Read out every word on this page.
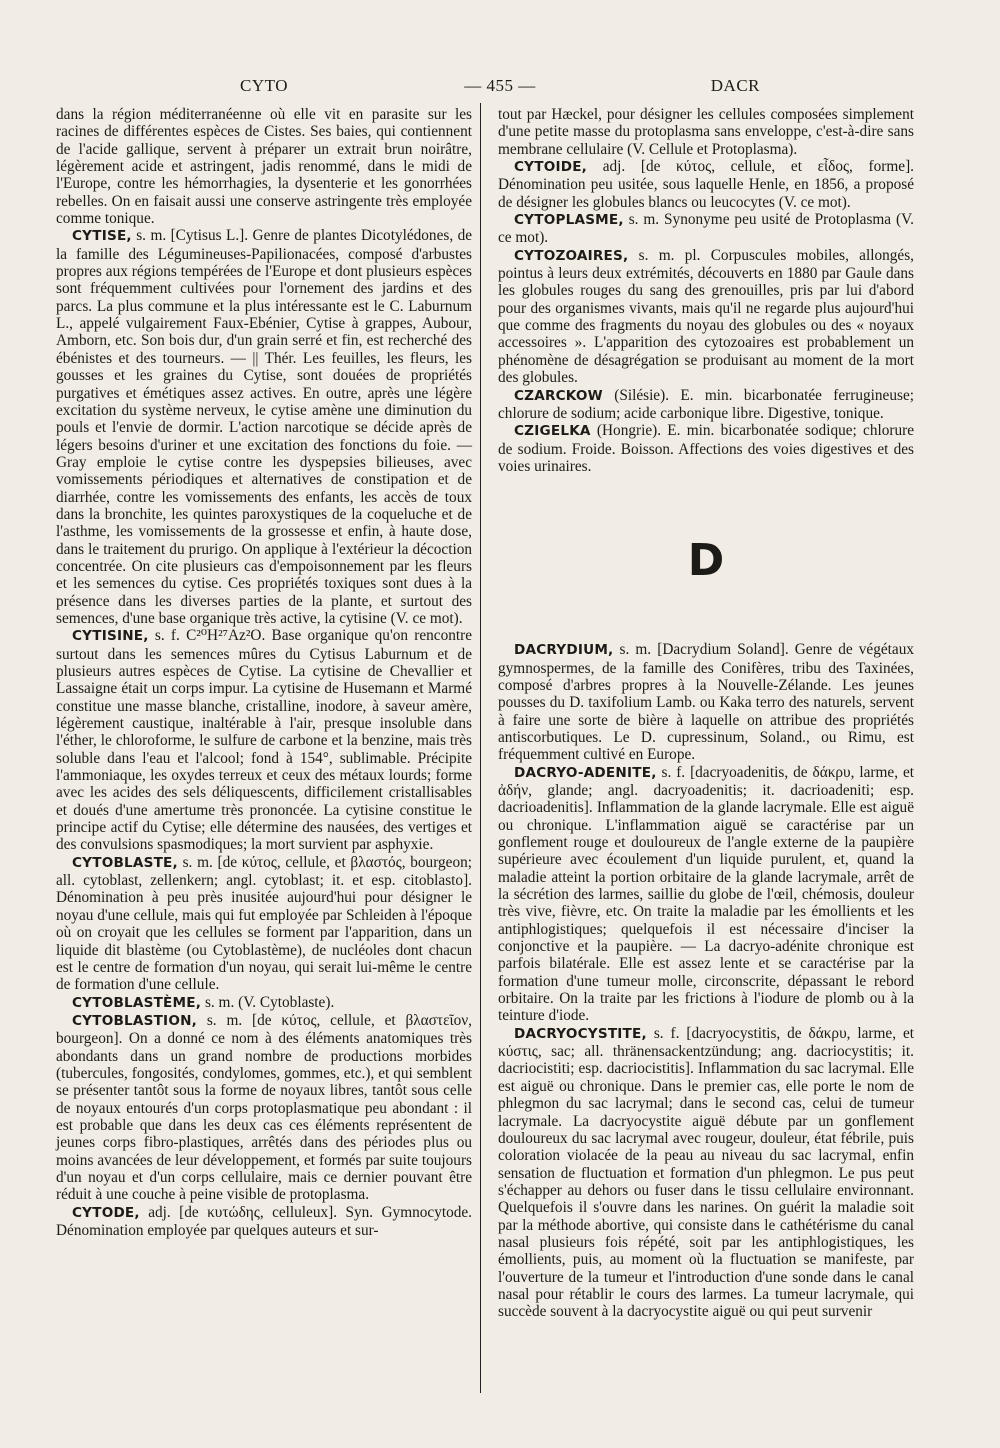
CYTO	— 455 —	DACR

dans la région méditerranéenne où elle vit en parasite sur les racines de différentes espèces de Cistes. Ses baies, qui contiennent de l'acide gallique, servent à préparer un extrait brun noirâtre, légèrement acide et astringent, jadis renommé, dans le midi de l'Europe, contre les hémorrhagies, la dysenterie et les gonorrhées rebelles. On en faisait aussi une conserve astringente très employée comme tonique.

CYTISE, s. m. [Cytisus L.]. Genre de plantes Dicotylédones, de la famille des Légumineuses-Papilionacées, composé d'arbustes propres aux régions tempérées de l'Europe et dont plusieurs espèces sont fréquemment cultivées pour l'ornement des jardins et des parcs. La plus commune et la plus intéressante est le C. Laburnum L., appelé vulgairement Faux-Ebénier, Cytise à grappes, Aubour, Amborn, etc. Son bois dur, d'un grain serré et fin, est recherché des ébénistes et des tourneurs. — || Thér. Les feuilles, les fleurs, les gousses et les graines du Cytise, sont douées de propriétés purgatives et émétiques assez actives. En outre, après une légère excitation du système nerveux, le cytise amène une diminution du pouls et l'envie de dormir. L'action narcotique se décide après de légers besoins d'uriner et une excitation des fonctions du foie. — Gray emploie le cytise contre les dyspepsies bilieuses, avec vomissements périodiques et alternatives de constipation et de diarrhée, contre les vomissements des enfants, les accès de toux dans la bronchite, les quintes paroxystiques de la coqueluche et de l'asthme, les vomissements de la grossesse et enfin, à haute dose, dans le traitement du prurigo. On applique à l'extérieur la décoction concentrée. On cite plusieurs cas d'empoisonnement par les fleurs et les semences du cytise. Ces propriétés toxiques sont dues à la présence dans les diverses parties de la plante, et surtout des semences, d'une base organique très active, la cytisine (V. ce mot).

CYTISINE, s. f. C²⁰H²⁷Az²O. Base organique qu'on rencontre surtout dans les semences mûres du Cytisus Laburnum et de plusieurs autres espèces de Cytise. La cytisine de Chevallier et Lassaigne était un corps impur. La cytisine de Husemann et Marmé constitue une masse blanche, cristalline, inodore, à saveur amère, légèrement caustique, inaltérable à l'air, presque insoluble dans l'éther, le chloroforme, le sulfure de carbone et la benzine, mais très soluble dans l'eau et l'alcool; fond à 154°, sublimable. Précipite l'ammoniaque, les oxydes terreux et ceux des métaux lourds; forme avec les acides des sels déliquescents, difficilement cristallisables et doués d'une amertume très prononcée. La cytisine constitue le principe actif du Cytise; elle détermine des nausées, des vertiges et des convulsions spasmodiques; la mort survient par asphyxie.

CYTOBLASTE, s. m. [de κύτος, cellule, et βλαστός, bourgeon; all. cytoblast, zellenkern; angl. cytoblast; it. et esp. citoblasto]. Dénomination à peu près inusitée aujourd'hui pour désigner le noyau d'une cellule, mais qui fut employée par Schleiden à l'époque où on croyait que les cellules se forment par l'apparition, dans un liquide dit blastème (ou Cytoblastème), de nucléoles dont chacun est le centre de formation d'un noyau, qui serait lui-même le centre de formation d'une cellule.

CYTOBLASTÈME, s. m. (V. Cytoblaste).

CYTOBLASTION, s. m. [de κύτος, cellule, et βλαστεῖον, bourgeon]. On a donné ce nom à des éléments anatomiques très abondants dans un grand nombre de productions morbides (tubercules, fongosités, condylomes, gommes, etc.), et qui semblent se présenter tantôt sous la forme de noyaux libres, tantôt sous celle de noyaux entourés d'un corps protoplasmatique peu abondant : il est probable que dans les deux cas ces éléments représentent de jeunes corps fibro-plastiques, arrêtés dans des périodes plus ou moins avancées de leur développement, et formés par suite toujours d'un noyau et d'un corps cellulaire, mais ce dernier pouvant être réduit à une couche à peine visible de protoplasma.

CYTODE, adj. [de κυτώδης, celluleux]. Syn. Gymnocytode. Dénomination employée par quelques auteurs et sur-

tout par Hæckel, pour désigner les cellules composées simplement d'une petite masse du protoplasma sans enveloppe, c'est-à-dire sans membrane cellulaire (V. Cellule et Protoplasma).

CYTOIDE, adj. [de κύτος, cellule, et εἶδος, forme]. Dénomination peu usitée, sous laquelle Henle, en 1856, a proposé de désigner les globules blancs ou leucocytes (V. ce mot).

CYTOPLASME, s. m. Synonyme peu usité de Protoplasma (V. ce mot).

CYTOZOAIRES, s. m. pl. Corpuscules mobiles, allongés, pointus à leurs deux extrémités, découverts en 1880 par Gaule dans les globules rouges du sang des grenouilles, pris par lui d'abord pour des organismes vivants, mais qu'il ne regarde plus aujourd'hui que comme des fragments du noyau des globules ou des « noyaux accessoires ». L'apparition des cytozoaires est probablement un phénomène de désagrégation se produisant au moment de la mort des globules.

CZARCKOW (Silésie). E. min. bicarbonatée ferrugineuse; chlorure de sodium; acide carbonique libre. Digestive, tonique.

CZIGELKA (Hongrie). E. min. bicarbonatée sodique; chlorure de sodium. Froide. Boisson. Affections des voies digestives et des voies urinaires.

D

DACRYDIUM, s. m. [Dacrydium Soland]. Genre de végétaux gymnospermes, de la famille des Conifères, tribu des Taxinées, composé d'arbres propres à la Nouvelle-Zélande. Les jeunes pousses du D. taxifolium Lamb. ou Kaka terro des naturels, servent à faire une sorte de bière à laquelle on attribue des propriétés antiscorbutiques. Le D. cupressinum, Soland., ou Rimu, est fréquemment cultivé en Europe.

DACRYO-ADENITE, s. f. [dacryoadenitis, de δάκρυ, larme, et ἀδήν, glande; angl. dacryoadenitis; it. dacrioadeniti; esp. dacrioadenitis]. Inflammation de la glande lacrymale. Elle est aiguë ou chronique. L'inflammation aiguë se caractérise par un gonflement rouge et douloureux de l'angle externe de la paupière supérieure avec écoulement d'un liquide purulent, et, quand la maladie atteint la portion orbitaire de la glande lacrymale, arrêt de la sécrétion des larmes, saillie du globe de l'œil, chémosis, douleur très vive, fièvre, etc. On traite la maladie par les émollients et les antiphlogistiques; quelquefois il est nécessaire d'inciser la conjonctive et la paupière. — La dacryo-adénite chronique est parfois bilatérale. Elle est assez lente et se caractérise par la formation d'une tumeur molle, circonscrite, dépassant le rebord orbitaire. On la traite par les frictions à l'iodure de plomb ou à la teinture d'iode.

DACRYOCYSTITE, s. f. [dacryocystitis, de δάκρυ, larme, et κύστις, sac; all. thränensackentzündung; ang. dacriocystitis; it. dacriocistiti; esp. dacriocistitis]. Inflammation du sac lacrymal. Elle est aiguë ou chronique. Dans le premier cas, elle porte le nom de phlegmon du sac lacrymal; dans le second cas, celui de tumeur lacrymale. La dacryocystite aiguë débute par un gonflement douloureux du sac lacrymal avec rougeur, douleur, état fébrile, puis coloration violacée de la peau au niveau du sac lacrymal, enfin sensation de fluctuation et formation d'un phlegmon. Le pus peut s'échapper au dehors ou fuser dans le tissu cellulaire environnant. Quelquefois il s'ouvre dans les narines. On guérit la maladie soit par la méthode abortive, qui consiste dans le cathétérisme du canal nasal plusieurs fois répété, soit par les antiphlogistiques, les émollients, puis, au moment où la fluctuation se manifeste, par l'ouverture de la tumeur et l'introduction d'une sonde dans le canal nasal pour rétablir le cours des larmes. La tumeur lacrymale, qui succède souvent à la dacryocystite aiguë ou qui peut survenir
